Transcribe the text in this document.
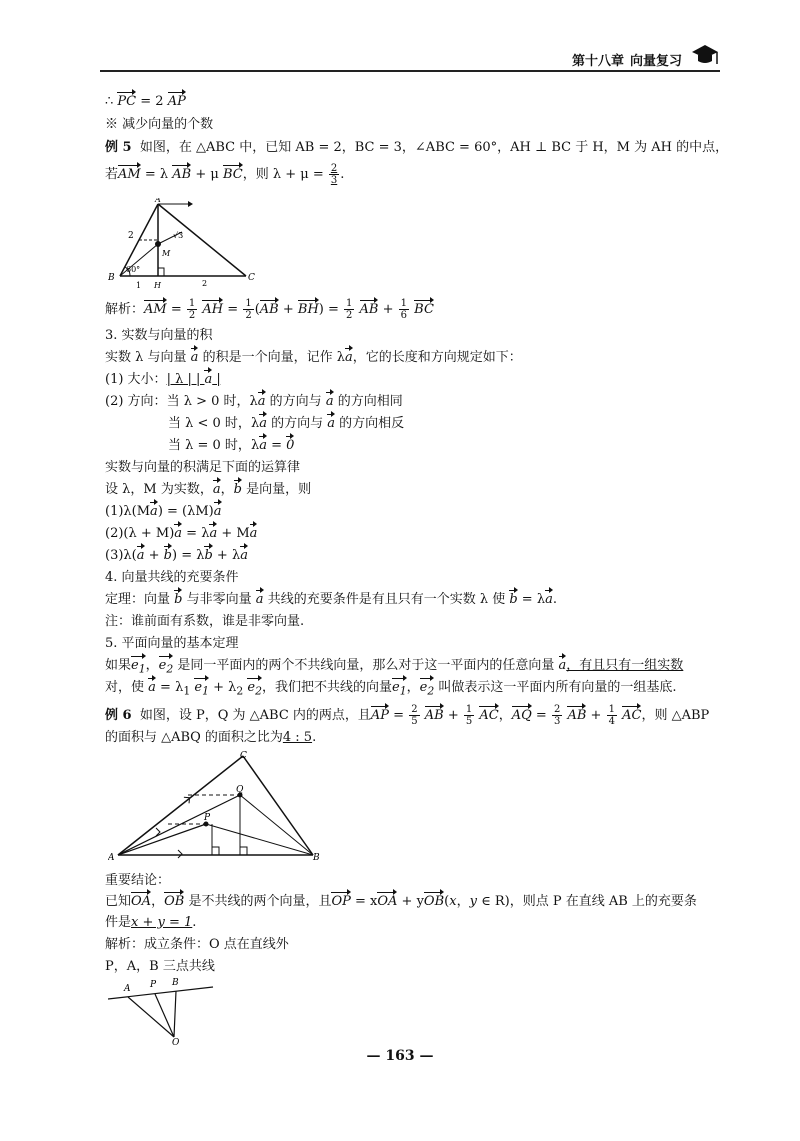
第十八章 向量复习
∴ PC = 2 AP
※ 减少向量的个数
例 5 如图，在 △ABC 中，已知 AB = 2，BC = 3，∠ABC = 60°，AH ⊥ BC 于 H，M 为 AH 的中点，
若AM = λ AB + μ BC，则 $\lambda + \mu = \frac{2}{3}$ .
A
B	C
H
M
2
60°
1	2
√3
解析：AM = $\frac{1}{2}$ AH = $\frac{1}{2} (AB + BH) = \frac{1}{2}$ AB + $\frac{1}{6}$ BC
3. 实数与向量的积
实数 λ 与向量 a 的积是一个向量，记作 λa，它的长度和方向规定如下：
(1) 大小：| λ | | a |
(2) 方向：当 λ > 0 时，λa 的方向与 a 的方向相同
当 λ < 0 时，λa 的方向与 a 的方向相反
当 λ = 0 时，λa = 0
实数与向量的积满足下面的运算律
设 λ，M 为实数，a，b 是向量，则
(1)λ(Ma) = (λM)a
(2)(λ + M)a = λa + Ma
(3)λ(a + b) = λb + λa
4. 向量共线的充要条件
定理：向量 b 与非零向量 a 共线的充要条件是有且只有一个实数 λ 使 b = λa.
注：谁前面有系数，谁是非零向量.
5. 平面向量的基本定理
如果$e_1$，$e_2$ 是同一平面内的两个不共线向量，那么对于这一平面内的任意向量 a，有且只有一组实数
对，使 $a = \lambda_1$ $e_1 + \lambda_2$ $e_2$，我们把不共线的向量$e_1$，$e_2$ 叫做表示这一平面内所有向量的一组基底.
例 6 如图，设 P，Q 为 △ABC 内的两点，且AP = $\frac{2}{5}$ AB + $\frac{1}{5}$ AC，AQ = $\frac{2}{3}$ AB + $\frac{1}{4}$ AC，则 △ABP
的面积与 △ABQ 的面积之比为4 : 5.
A	B
C
P
Q
重要结论：
已知OA，OB 是不共线的两个向量，且OP = xOA + yOB(x，y ∈ R)，则点 P 在直线 AB 上的充要条
件是x + y = 1.
解析：成立条件：O 点在直线外
P，A，B 三点共线
A P B
O
— 163 —
